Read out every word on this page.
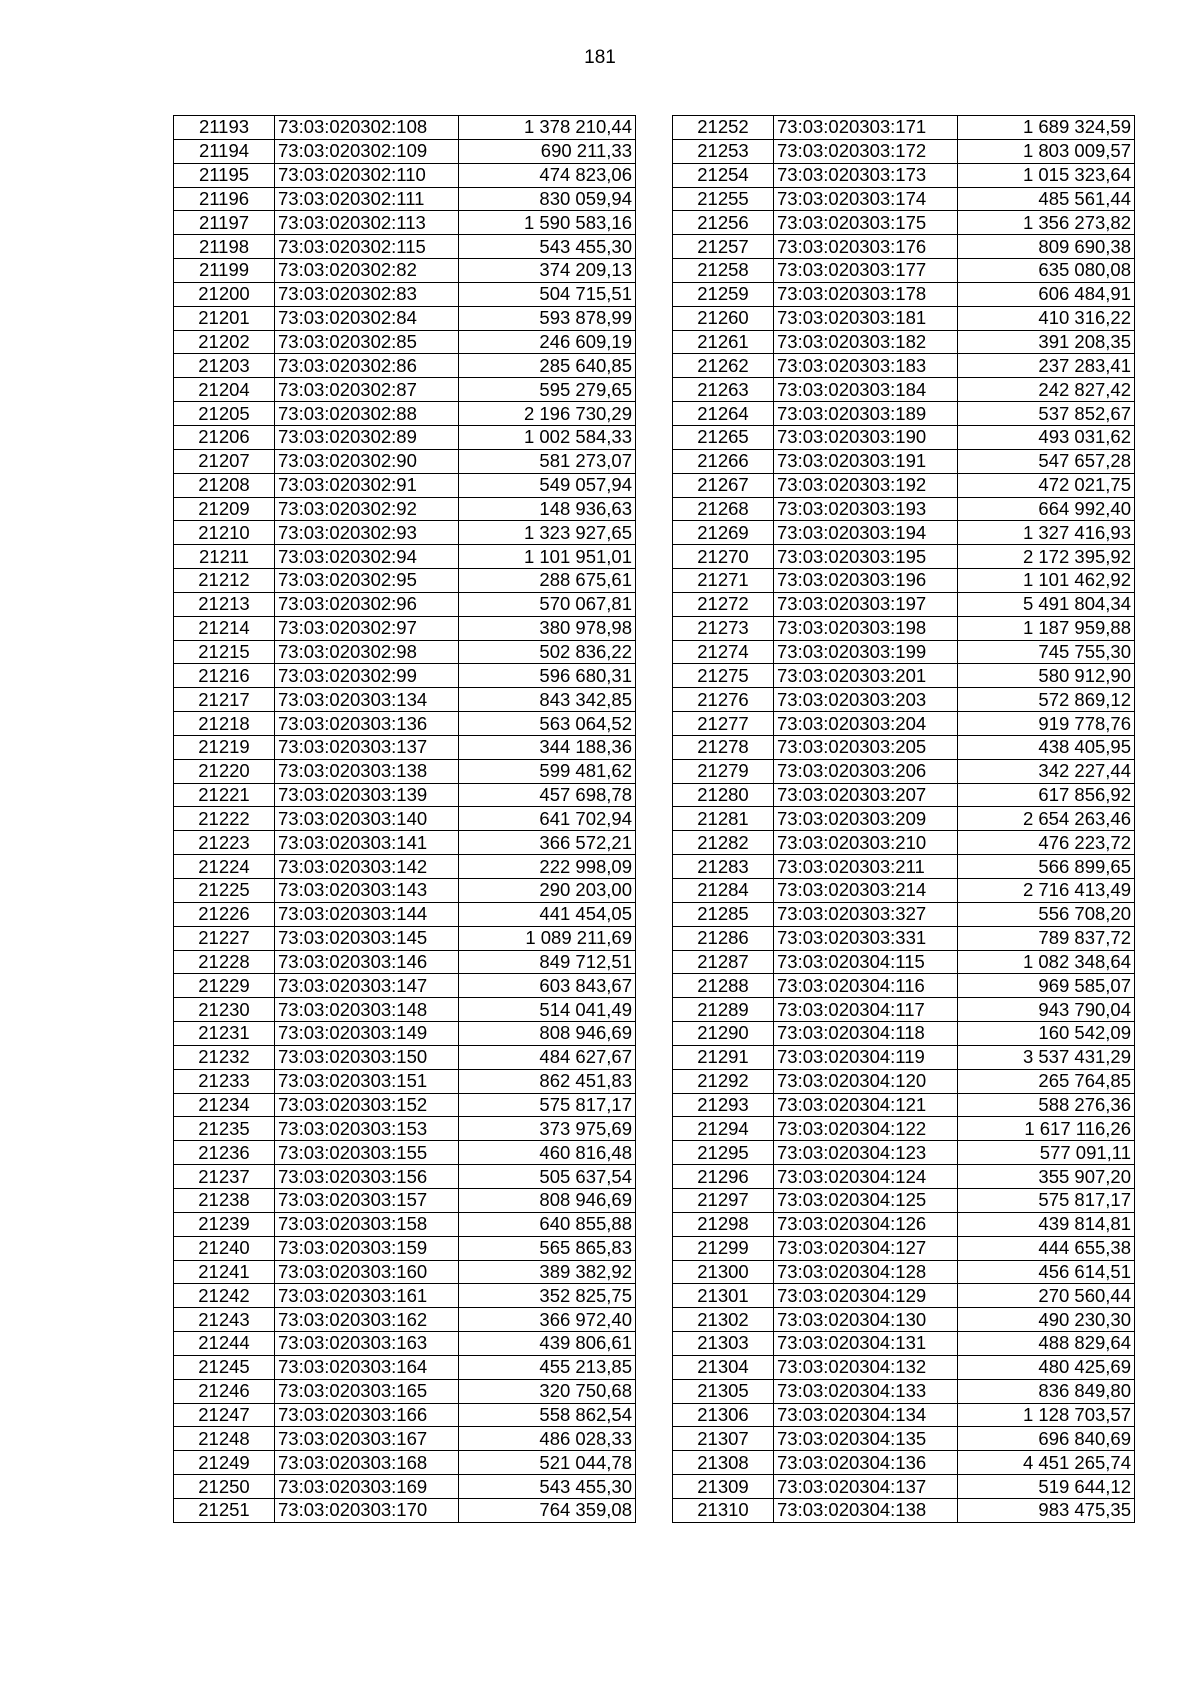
181
21193	73:03:020302:108	1 378 210,44
21194	73:03:020302:109	690 211,33
21195	73:03:020302:110	474 823,06
21196	73:03:020302:111	830 059,94
21197	73:03:020302:113	1 590 583,16
21198	73:03:020302:115	543 455,30
21199	73:03:020302:82	374 209,13
21200	73:03:020302:83	504 715,51
21201	73:03:020302:84	593 878,99
21202	73:03:020302:85	246 609,19
21203	73:03:020302:86	285 640,85
21204	73:03:020302:87	595 279,65
21205	73:03:020302:88	2 196 730,29
21206	73:03:020302:89	1 002 584,33
21207	73:03:020302:90	581 273,07
21208	73:03:020302:91	549 057,94
21209	73:03:020302:92	148 936,63
21210	73:03:020302:93	1 323 927,65
21211	73:03:020302:94	1 101 951,01
21212	73:03:020302:95	288 675,61
21213	73:03:020302:96	570 067,81
21214	73:03:020302:97	380 978,98
21215	73:03:020302:98	502 836,22
21216	73:03:020302:99	596 680,31
21217	73:03:020303:134	843 342,85
21218	73:03:020303:136	563 064,52
21219	73:03:020303:137	344 188,36
21220	73:03:020303:138	599 481,62
21221	73:03:020303:139	457 698,78
21222	73:03:020303:140	641 702,94
21223	73:03:020303:141	366 572,21
21224	73:03:020303:142	222 998,09
21225	73:03:020303:143	290 203,00
21226	73:03:020303:144	441 454,05
21227	73:03:020303:145	1 089 211,69
21228	73:03:020303:146	849 712,51
21229	73:03:020303:147	603 843,67
21230	73:03:020303:148	514 041,49
21231	73:03:020303:149	808 946,69
21232	73:03:020303:150	484 627,67
21233	73:03:020303:151	862 451,83
21234	73:03:020303:152	575 817,17
21235	73:03:020303:153	373 975,69
21236	73:03:020303:155	460 816,48
21237	73:03:020303:156	505 637,54
21238	73:03:020303:157	808 946,69
21239	73:03:020303:158	640 855,88
21240	73:03:020303:159	565 865,83
21241	73:03:020303:160	389 382,92
21242	73:03:020303:161	352 825,75
21243	73:03:020303:162	366 972,40
21244	73:03:020303:163	439 806,61
21245	73:03:020303:164	455 213,85
21246	73:03:020303:165	320 750,68
21247	73:03:020303:166	558 862,54
21248	73:03:020303:167	486 028,33
21249	73:03:020303:168	521 044,78
21250	73:03:020303:169	543 455,30
21251	73:03:020303:170	764 359,08
21252	73:03:020303:171	1 689 324,59
21253	73:03:020303:172	1 803 009,57
21254	73:03:020303:173	1 015 323,64
21255	73:03:020303:174	485 561,44
21256	73:03:020303:175	1 356 273,82
21257	73:03:020303:176	809 690,38
21258	73:03:020303:177	635 080,08
21259	73:03:020303:178	606 484,91
21260	73:03:020303:181	410 316,22
21261	73:03:020303:182	391 208,35
21262	73:03:020303:183	237 283,41
21263	73:03:020303:184	242 827,42
21264	73:03:020303:189	537 852,67
21265	73:03:020303:190	493 031,62
21266	73:03:020303:191	547 657,28
21267	73:03:020303:192	472 021,75
21268	73:03:020303:193	664 992,40
21269	73:03:020303:194	1 327 416,93
21270	73:03:020303:195	2 172 395,92
21271	73:03:020303:196	1 101 462,92
21272	73:03:020303:197	5 491 804,34
21273	73:03:020303:198	1 187 959,88
21274	73:03:020303:199	745 755,30
21275	73:03:020303:201	580 912,90
21276	73:03:020303:203	572 869,12
21277	73:03:020303:204	919 778,76
21278	73:03:020303:205	438 405,95
21279	73:03:020303:206	342 227,44
21280	73:03:020303:207	617 856,92
21281	73:03:020303:209	2 654 263,46
21282	73:03:020303:210	476 223,72
21283	73:03:020303:211	566 899,65
21284	73:03:020303:214	2 716 413,49
21285	73:03:020303:327	556 708,20
21286	73:03:020303:331	789 837,72
21287	73:03:020304:115	1 082 348,64
21288	73:03:020304:116	969 585,07
21289	73:03:020304:117	943 790,04
21290	73:03:020304:118	160 542,09
21291	73:03:020304:119	3 537 431,29
21292	73:03:020304:120	265 764,85
21293	73:03:020304:121	588 276,36
21294	73:03:020304:122	1 617 116,26
21295	73:03:020304:123	577 091,11
21296	73:03:020304:124	355 907,20
21297	73:03:020304:125	575 817,17
21298	73:03:020304:126	439 814,81
21299	73:03:020304:127	444 655,38
21300	73:03:020304:128	456 614,51
21301	73:03:020304:129	270 560,44
21302	73:03:020304:130	490 230,30
21303	73:03:020304:131	488 829,64
21304	73:03:020304:132	480 425,69
21305	73:03:020304:133	836 849,80
21306	73:03:020304:134	1 128 703,57
21307	73:03:020304:135	696 840,69
21308	73:03:020304:136	4 451 265,74
21309	73:03:020304:137	519 644,12
21310	73:03:020304:138	983 475,35
